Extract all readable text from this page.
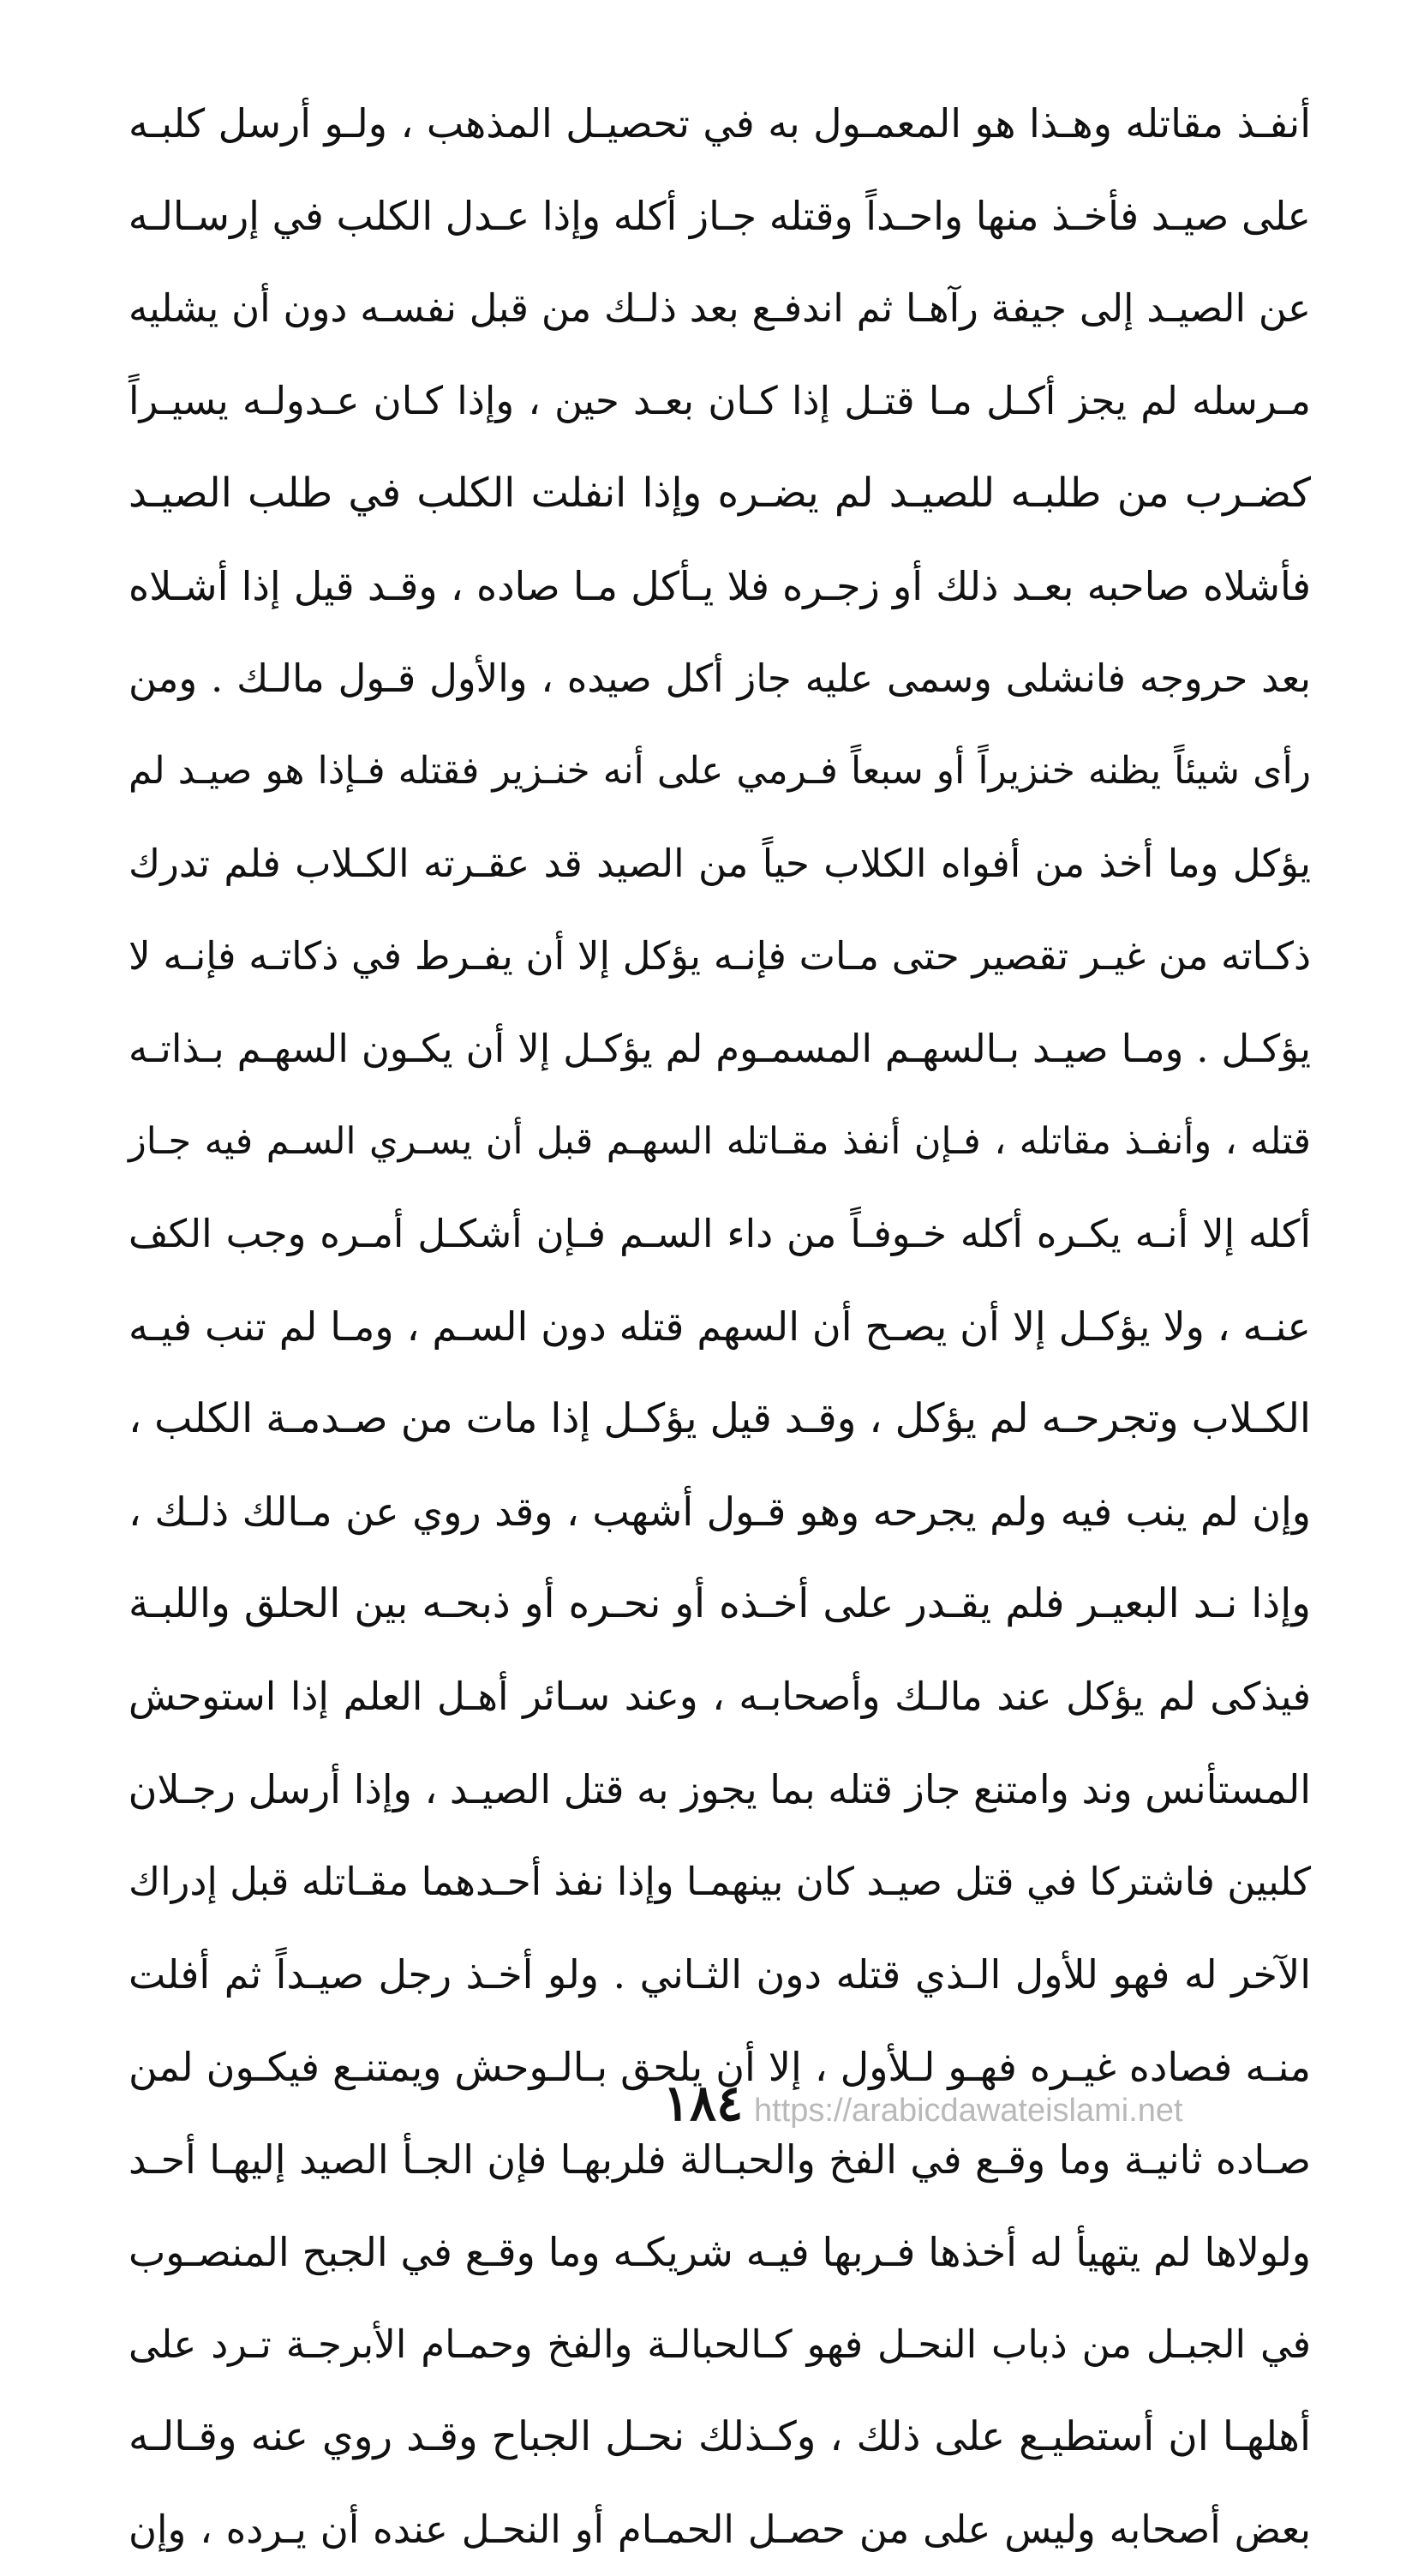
أنفـذ مقاتله وهـذا هو المعمـول به في تحصيـل المذهب ، ولـو أرسل كلبـه
على صيـد فأخـذ منها واحـداً وقتله جـاز أكله وإذا عـدل الكلب في إرسـالـه
عن الصيـد إلى جيفة رآهـا ثم اندفـع بعد ذلـك من قبل نفسـه دون أن يشليه
مـرسله لم يجز أكـل مـا قتـل إذا كـان بعـد حين ، وإذا كـان عـدولـه يسيـراً
كضـرب من طلبـه للصيـد لم يضـره وإذا انفلت الكلب في طلب الصيـد
فأشلاه صاحبه بعـد ذلك أو زجـره فلا يـأكل مـا صاده ، وقـد قيل إذا أشـلاه
بعد حروجه فانشلى وسمى عليه جاز أكل صيده ، والأول قـول مالـك . ومن
رأى شيئاً يظنه خنزيراً أو سبعاً فـرمي على أنه خنـزير فقتله فـإذا هو صيـد لم
يؤكل وما أخذ من أفواه الكلاب حياً من الصيد قد عقـرته الكـلاب فلم تدرك
ذكـاته من غيـر تقصير حتى مـات فإنـه يؤكل إلا أن يفـرط في ذكاتـه فإنـه لا
يؤكـل . ومـا صيـد بـالسهـم المسمـوم لم يؤكـل إلا أن يكـون السهـم بـذاتـه
قتله ، وأنفـذ مقاتله ، فـإن أنفذ مقـاتله السهـم قبل أن يسـري السـم فيه جـاز
أكله إلا أنـه يكـره أكله خـوفـاً من داء السـم فـإن أشكـل أمـره وجب الكف
عنـه ، ولا يؤكـل إلا أن يصـح أن السهم قتله دون السـم ، ومـا لم تنب فيـه
الكـلاب وتجرحـه لم يؤكل ، وقـد قيل يؤكـل إذا مات من صـدمـة الكلب ،
وإن لم ينب فيه ولم يجرحه وهو قـول أشهب ، وقد روي عن مـالك ذلـك ،
وإذا نـد البعيـر فلم يقـدر على أخـذه أو نحـره أو ذبحـه بين الحلق واللبـة
فيذكى لم يؤكل عند مالـك وأصحابـه ، وعند سـائر أهـل العلم إذا استوحش
المستأنس وند وامتنع جاز قتله بما يجوز به قتل الصيـد ، وإذا أرسل رجـلان
كلبين فاشتركا في قتل صيـد كان بينهمـا وإذا نفذ أحـدهما مقـاتله قبل إدراك
الآخر له فهو للأول الـذي قتله دون الثـاني . ولو أخـذ رجل صيـداً ثم أفلت
منـه فصاده غيـره فهـو لـلأول ، إلا أن يلحق بـالـوحش ويمتنـع فيكـون لمن
صـاده ثانيـة وما وقـع في الفخ والحبـالة فلربهـا فإن الجـأ الصيد إليهـا أحـد
ولولاها لم يتهيأ له أخذها فـربها فيـه شريكـه وما وقـع في الجبح المنصـوب
في الجبـل من ذباب النحـل فهو كـالحبالـة والفخ وحمـام الأبرجـة تـرد على
أهلهـا ان أستطيـع على ذلك ، وكـذلك نحـل الجباح وقـد روي عنه وقـالـه
بعض أصحابه وليس على من حصـل الحمـام أو النحـل عنده أن يـرده ، وإن
١٨٤ https://arabicdawateislami.net
